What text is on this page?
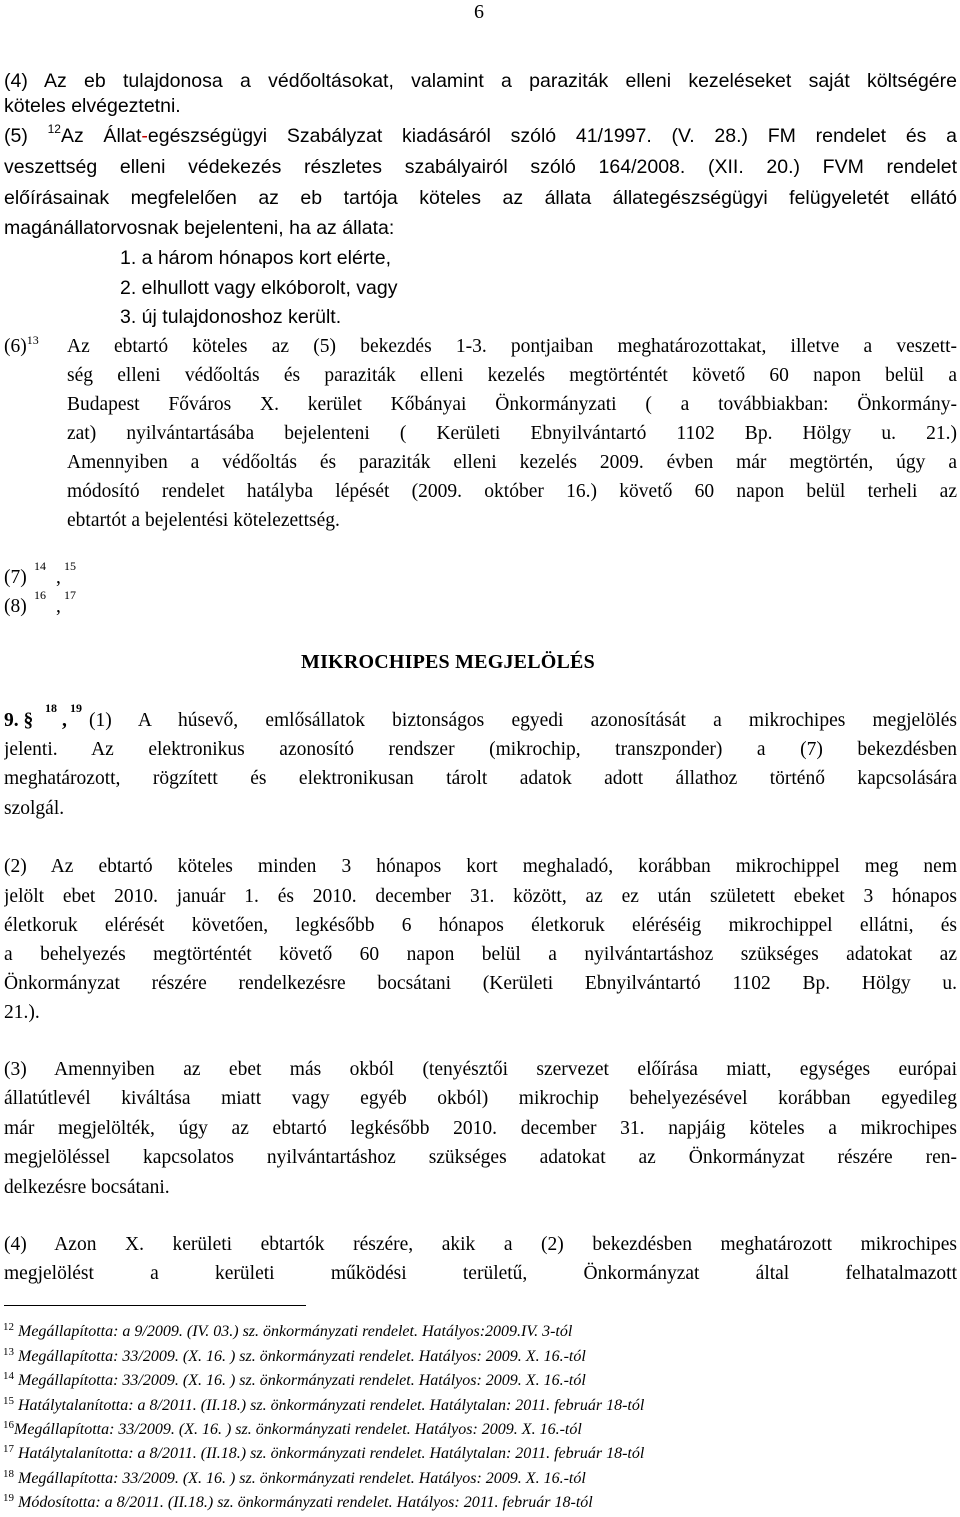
6
(4) Az eb tulajdonosa a védőoltásokat, valamint a paraziták elleni kezeléseket saját költségére
köteles elvégeztetni.
(5) $^{12}$Az Állat-egészségügyi Szabályzat kiadásáról szóló 41/1997. (V. 28.) FM rendelet és a
veszettség elleni védekezés részletes szabályairól szóló 164/2008. (XII. 20.) FVM rendelet
előírásainak megfelelően az eb tartója köteles az állata állategészségügyi felügyeletét ellátó
magánállatorvosnak bejelenteni, ha az állata:
1. a három hónapos kort elérte,
2. elhullott vagy elkóborolt, vagy
3. új tulajdonoshoz került.
$(6)^{13}$ Az ebtartó köteles az (5) bekezdés 1-3. pontjaiban meghatározottakat, illetve a veszett-
ség elleni védőoltás és paraziták elleni kezelés megtörténtét követő 60 napon belül a
Budapest Főváros X. kerület Kőbányai Önkormányzati ( a továbbiakban: Önkormány-
zat) nyilvántartásába bejelenteni ( Kerületi Ebnyilvántartó 1102 Bp. Hölgy u. 21.)
Amennyiben a védőoltás és paraziták elleni kezelés 2009. évben már megtörtén, úgy a
módosító rendelet hatályba lépését (2009. október 16.) követő 60 napon belül terheli az
ebtartót a bejelentési kötelezettség.
(7)
14
,
15
(8)
16
,
17
MIKROCHIPES MEGJELÖLÉS
9. §
18
,
19
(1) A húsevő, emlősállatok biztonságos egyedi azonosítását a mikrochipes megjelölés
jelenti. Az elektronikus azonosító rendszer (mikrochip, transzponder) a (7) bekezdésben
meghatározott, rögzített és elektronikusan tárolt adatok adott állathoz történő kapcsolására
szolgál.
(2) Az ebtartó köteles minden 3 hónapos kort meghaladó, korábban mikrochippel meg nem
jelölt ebet 2010. január 1. és 2010. december 31. között, az ez után született ebeket 3 hónapos
életkoruk elérését követően, legkésőbb 6 hónapos életkoruk eléréséig mikrochippel ellátni, és
a behelyezés megtörténtét követő 60 napon belül a nyilvántartáshoz szükséges adatokat az
Önkormányzat részére rendelkezésre bocsátani (Kerületi Ebnyilvántartó 1102 Bp. Hölgy u.
21.).
(3) Amennyiben az ebet más okból (tenyésztői szervezet előírása miatt, egységes európai
állatútlevél kiváltása miatt vagy egyéb okból) mikrochip behelyezésével korábban egyedileg
már megjelölték, úgy az ebtartó legkésőbb 2010. december 31. napjáig köteles a mikrochipes
megjelöléssel kapcsolatos nyilvántartáshoz szükséges adatokat az Önkormányzat részére ren-
delkezésre bocsátani.
(4) Azon X. kerületi ebtartók részére, akik a (2) bekezdésben meghatározott mikrochipes
megjelölést a kerületi működési területű, Önkormányzat által felhatalmazott
$^{12}$ Megállapította: a 9/2009. (IV. 03.) sz. önkormányzati rendelet. Hatályos:2009.IV. 3-tól
$^{13}$ Megállapította: 33/2009. (X. 16. ) sz. önkormányzati rendelet. Hatályos: 2009. X. 16.-tól
$^{14}$ Megállapította: 33/2009. (X. 16. ) sz. önkormányzati rendelet. Hatályos: 2009. X. 16.-tól
$^{15}$ Hatálytalanította: a 8/2011. (II.18.) sz. önkormányzati rendelet. Hatálytalan: 2011. február 18-tól
$^{16}$Megállapította: 33/2009. (X. 16. ) sz. önkormányzati rendelet. Hatályos: 2009. X. 16.-tól
$^{17}$ Hatálytalanította: a 8/2011. (II.18.) sz. önkormányzati rendelet. Hatálytalan: 2011. február 18-tól
$^{18}$ Megállapította: 33/2009. (X. 16. ) sz. önkormányzati rendelet. Hatályos: 2009. X. 16.-tól
$^{19}$ Módosította: a 8/2011. (II.18.) sz. önkormányzati rendelet. Hatályos: 2011. február 18-tól
